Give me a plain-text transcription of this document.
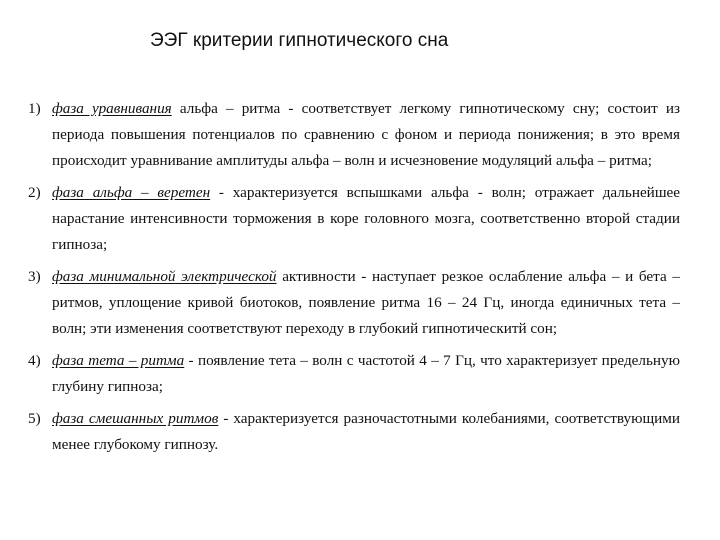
ЭЭГ критерии гипнотического сна
1) фаза уравнивания альфа – ритма - соответствует легкому гипнотическому сну; состоит из периода повышения потенциалов по сравнению с фоном и периода понижения; в это время происходит уравнивание амплитуды альфа – волн и исчезновение модуляций альфа – ритма;
2) фаза альфа – веретен - характеризуется вспышками альфа - волн; отражает дальнейшее нарастание интенсивности торможения в коре головного мозга, соответственно второй стадии гипноза;
3) фаза минимальной электрической активности - наступает резкое ослабление альфа – и бета – ритмов, уплощение кривой биотоков, появление ритма 16 – 24 Гц, иногда единичных тета – волн; эти изменения соответствуют переходу в глубокий гипнотическитй сон;
4) фаза тета – ритма - появление тета – волн с частотой 4 – 7 Гц, что характеризует предельную глубину гипноза;
5) фаза смешанных ритмов - характеризуется разночастотными колебаниями, соответствующими менее глубокому гипнозу.
